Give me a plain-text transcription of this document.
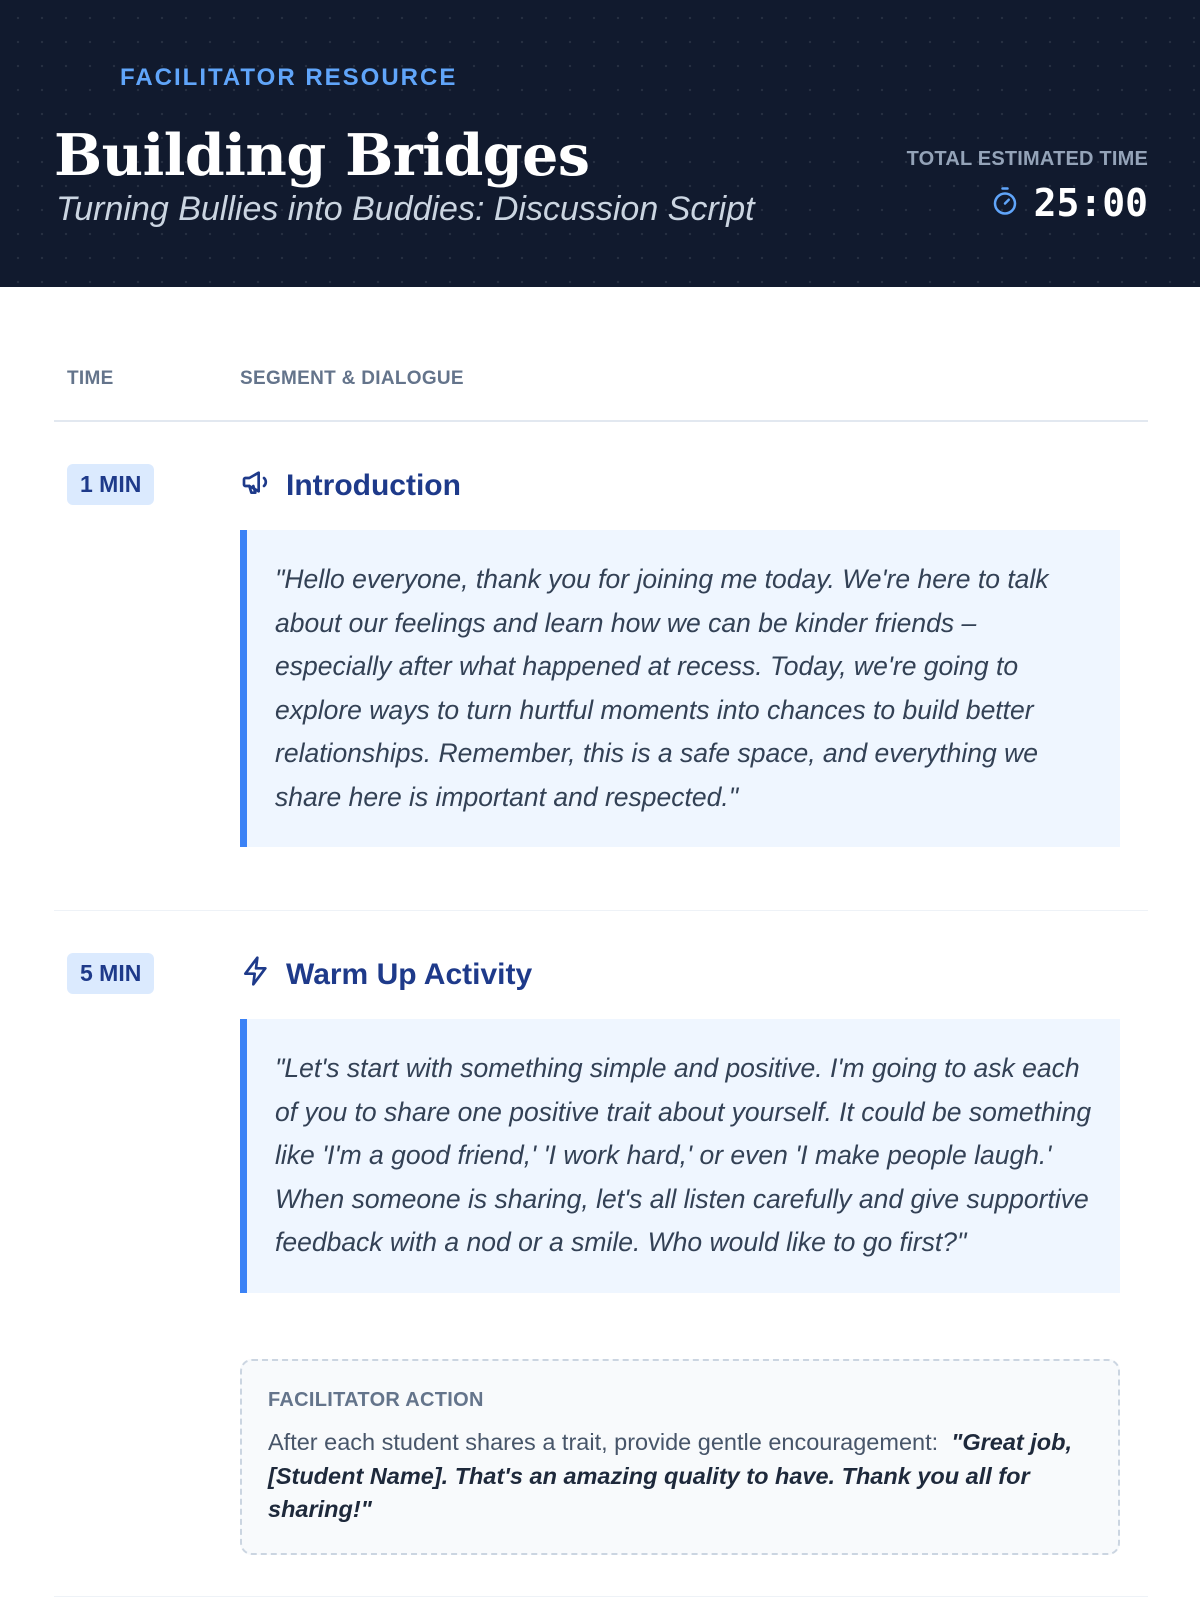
FACILITATOR RESOURCE
Building Bridges
Turning Bullies into Buddies: Discussion Script
TOTAL ESTIMATED TIME
25:00
TIME	SEGMENT & DIALOGUE
1 MIN	Introduction
"Hello everyone, thank you for joining me today. We're here to talk about our feelings and learn how we can be kinder friends – especially after what happened at recess. Today, we're going to explore ways to turn hurtful moments into chances to build better relationships. Remember, this is a safe space, and everything we share here is important and respected."
5 MIN	Warm Up Activity
"Let's start with something simple and positive. I'm going to ask each of you to share one positive trait about yourself. It could be something like 'I'm a good friend,' 'I work hard,' or even 'I make people laugh.' When someone is sharing, let's all listen carefully and give supportive feedback with a nod or a smile. Who would like to go first?"
FACILITATOR ACTION
After each student shares a trait, provide gentle encouragement: "Great job, [Student Name]. That's an amazing quality to have. Thank you all for sharing!"
